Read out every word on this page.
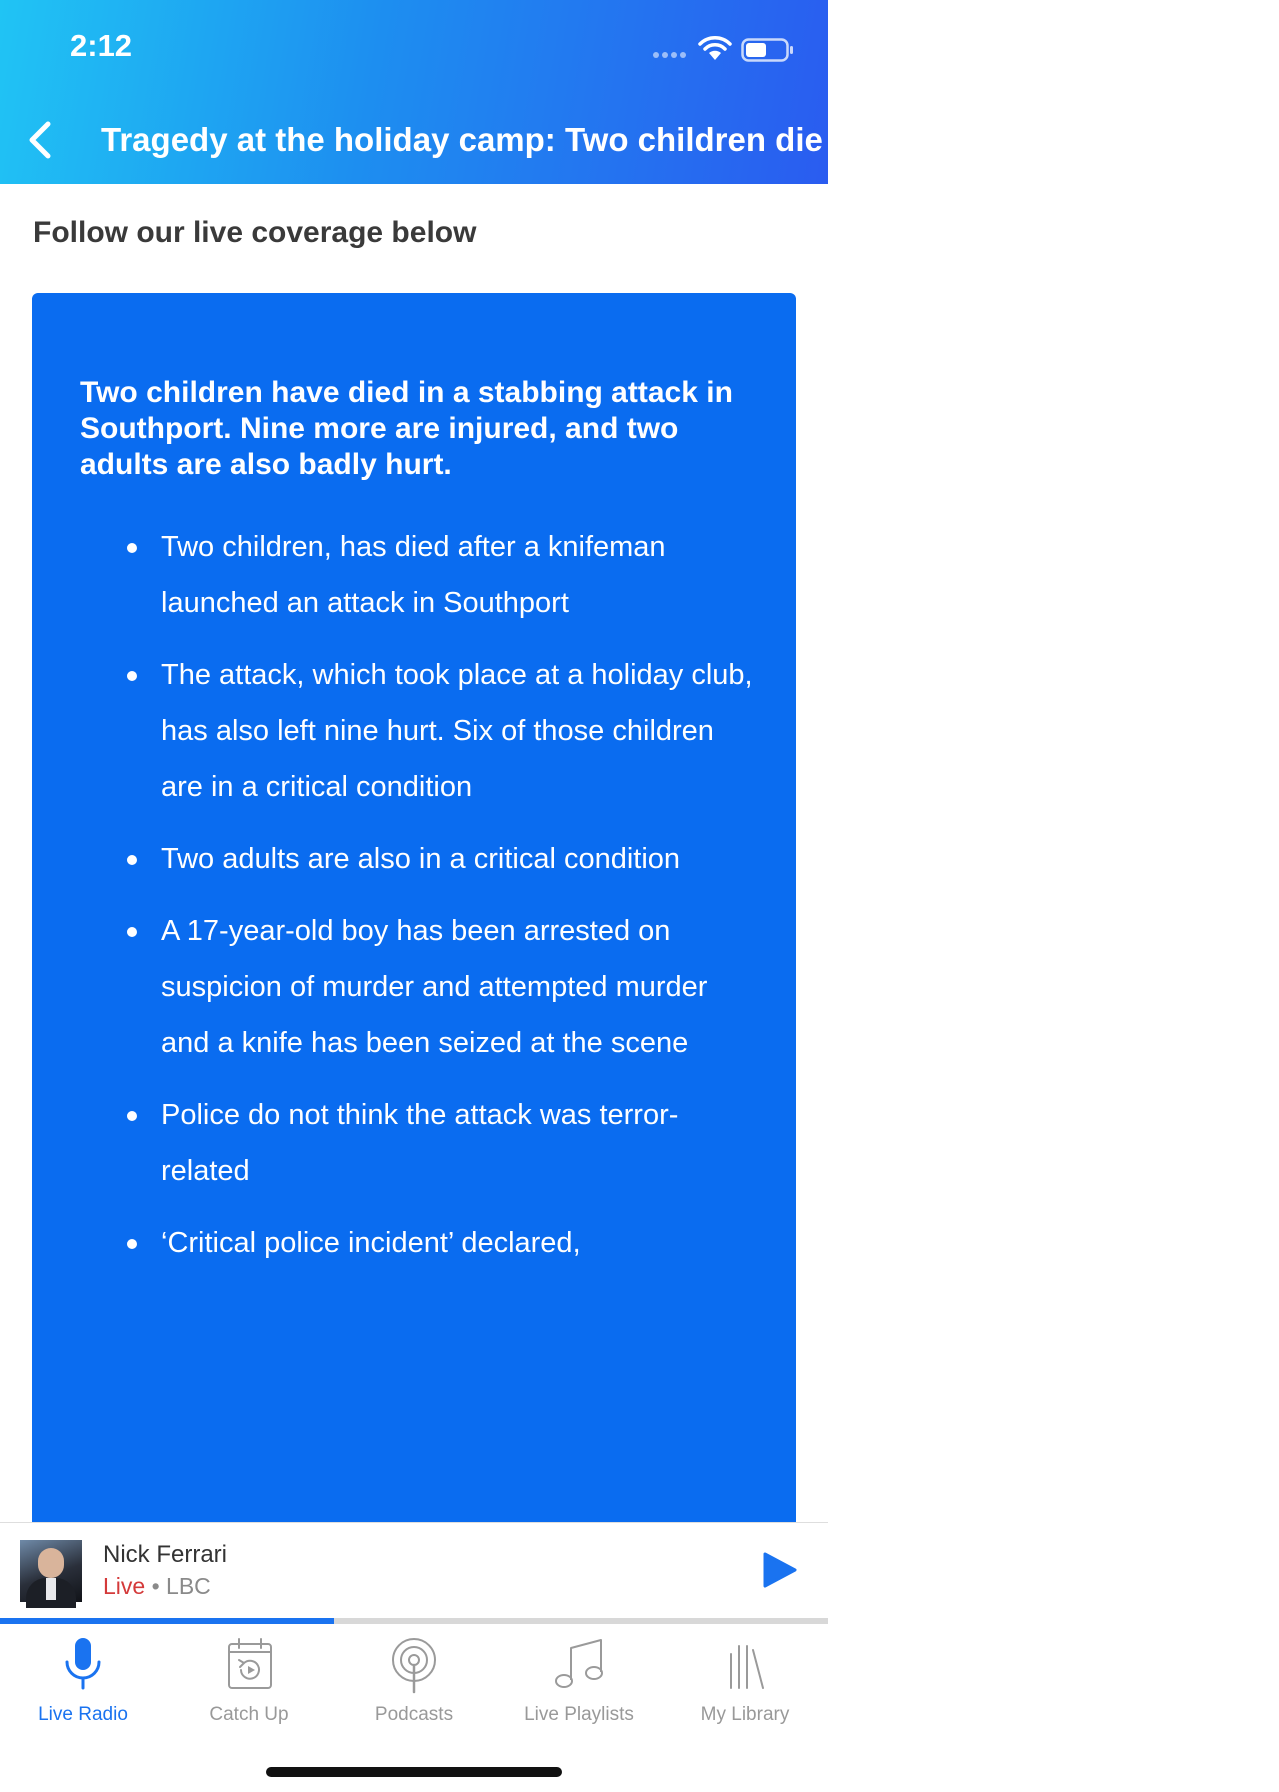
2:12
Tragedy at the holiday camp: Two children die in Southport stabbing attack
Follow our live coverage below
Two children have died in a stabbing attack in Southport. Nine more are injured, and two adults are also badly hurt.
Two children, has died after a knifeman launched an attack in Southport
The attack, which took place at a holiday club, has also left nine hurt. Six of those children are in a critical condition
Two adults are also in a critical condition
A 17-year-old boy has been arrested on suspicion of murder and attempted murder and a knife has been seized at the scene
Police do not think the attack was terror-related
‘Critical police incident’ declared,
Nick Ferrari
Live • LBC
Live Radio	Catch Up	Podcasts	Live Playlists	My Library
